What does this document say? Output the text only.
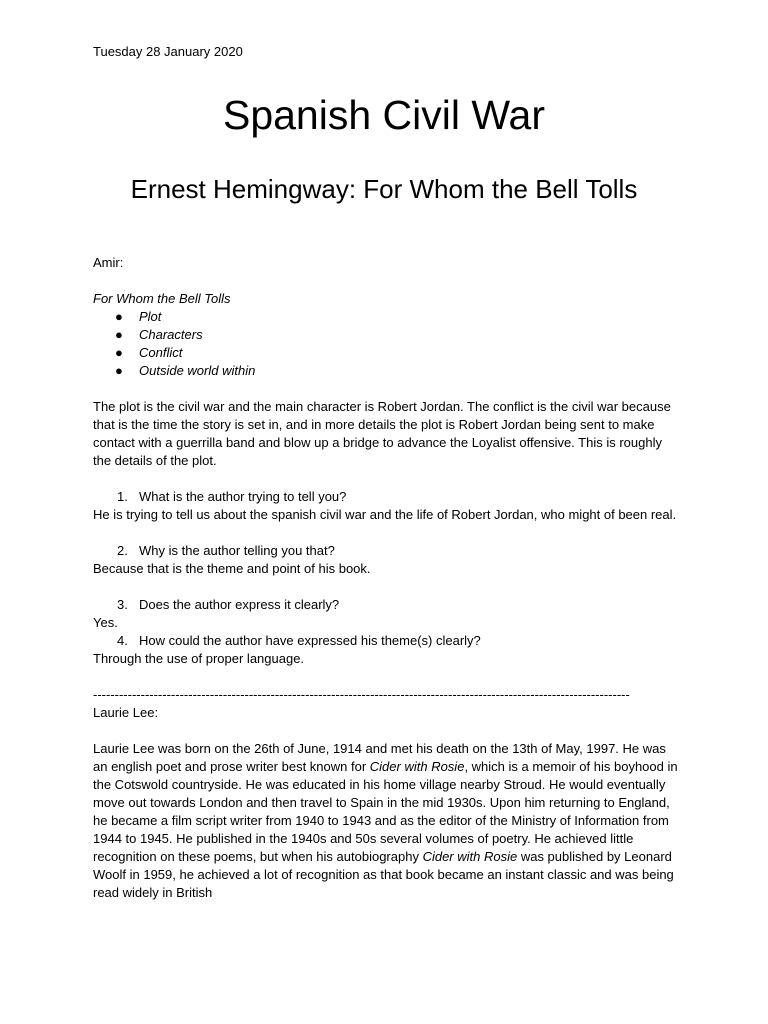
Tuesday 28 January 2020

Spanish Civil War
Ernest Hemingway: For Whom the Bell Tolls

Amir:

For Whom the Bell Tolls

● Plot
● Characters
● Conflict
● Outside world within

The plot is the civil war and the main character is Robert Jordan. The conflict is the civil war because that is the time the story is set in, and in more details the plot is Robert Jordan being sent to make contact with a guerrilla band and blow up a bridge to advance the Loyalist offensive. This is roughly the details of the plot.

1. What is the author trying to tell you?

He is trying to tell us about the spanish civil war and the life of Robert Jordan, who might of been real.

2. Why is the author telling you that?

Because that is the theme and point of his book.

3. Does the author express it clearly?

Yes.

4. How could the author have expressed his theme(s) clearly?

Through the use of proper language.

----------------------------------------------------------------------------------------------------------------------------

Laurie Lee:

Laurie Lee was born on the 26th of June, 1914 and met his death on the 13th of May, 1997. He was an english poet and prose writer best known for Cider with Rosie, which is a memoir of his boyhood in the Cotswold countryside. He was educated in his home village nearby Stroud. He would eventually move out towards London and then travel to Spain in the mid 1930s. Upon him returning to England, he became a film script writer from 1940 to 1943 and as the editor of the Ministry of Information from 1944 to 1945. He published in the 1940s and 50s several volumes of poetry. He achieved little recognition on these poems, but when his autobiography Cider with Rosie was published by Leonard Woolf in 1959, he achieved a lot of recognition as that book became an instant classic and was being read widely in British
